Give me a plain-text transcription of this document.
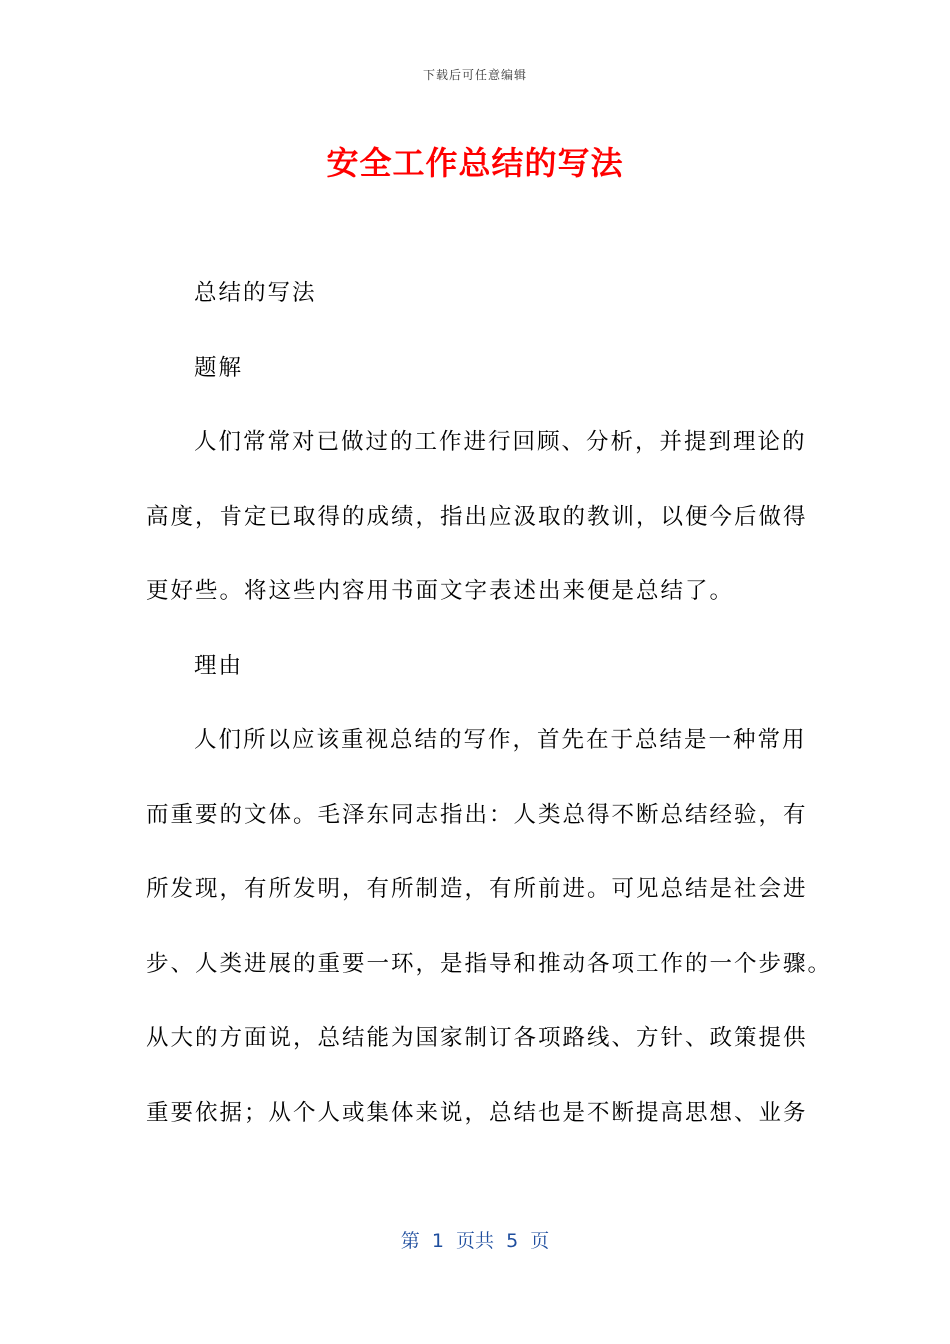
下载后可任意编辑
安全工作总结的写法
总结的写法
题解
人们常常对已做过的工作进行回顾、分析，并提到理论的
高度，肯定已取得的成绩，指出应汲取的教训，以便今后做得
更好些。将这些内容用书面文字表述出来便是总结了。
理由
人们所以应该重视总结的写作，首先在于总结是一种常用
而重要的文体。毛泽东同志指出：人类总得不断总结经验，有
所发现，有所发明，有所制造，有所前进。可见总结是社会进
步、人类进展的重要一环，是指导和推动各项工作的一个步骤。
从大的方面说，总结能为国家制订各项路线、方针、政策提供
重要依据；从个人或集体来说，总结也是不断提高思想、业务
第  1  页共  5  页
